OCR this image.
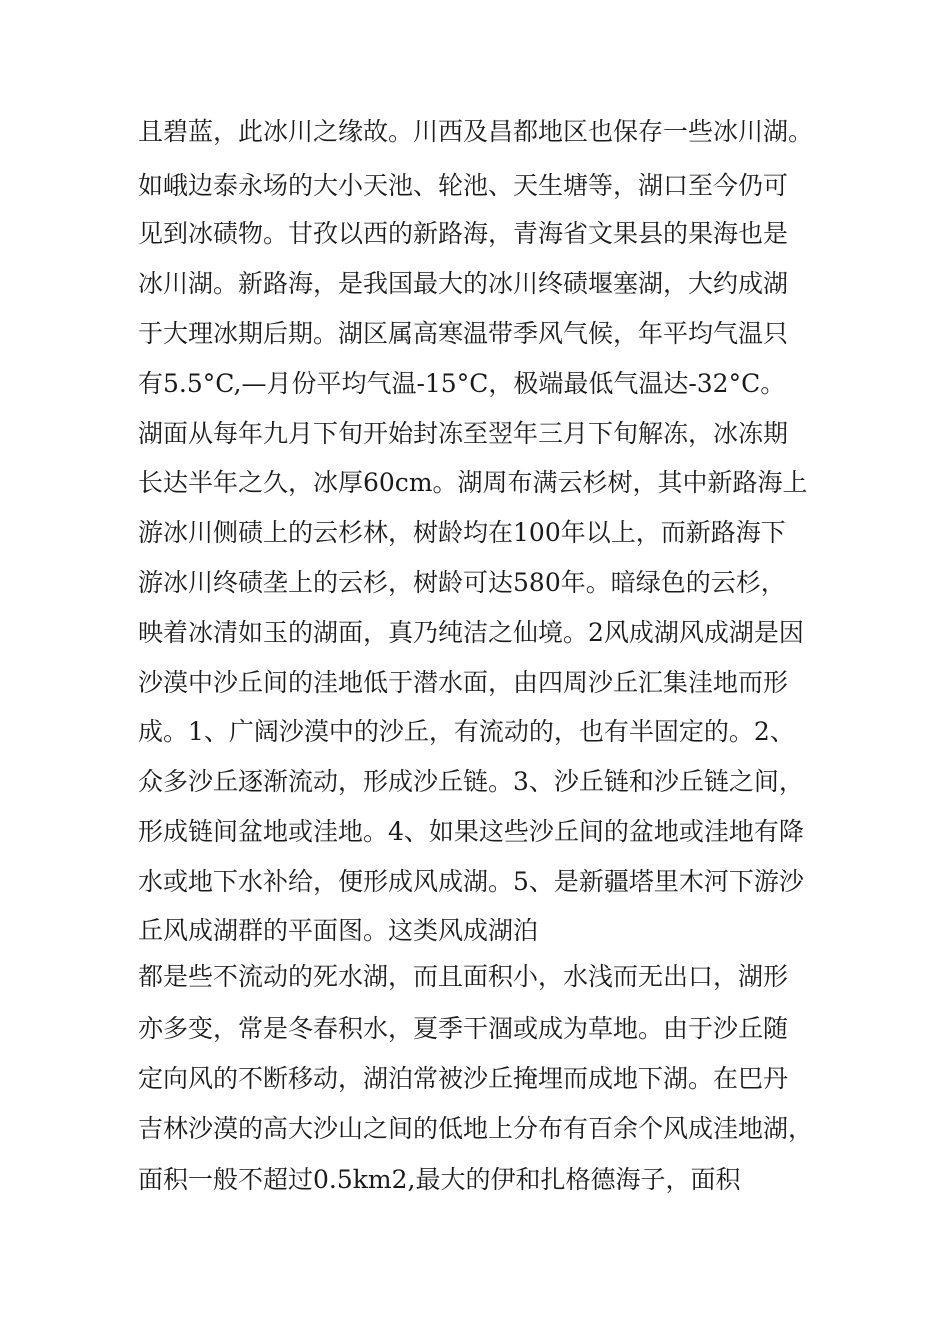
且碧蓝，此冰川之缘故。川西及昌都地区也保存一些冰川湖。
如峨边泰永场的大小天池、轮池、天生塘等，湖口至今仍可
见到冰碛物。甘孜以西的新路海，青海省文果县的果海也是
冰川湖。新路海，是我国最大的冰川终碛堰塞湖，大约成湖
于大理冰期后期。湖区属高寒温带季风气候，年平均气温只
有5.5°C,—月份平均气温-15°C，极端最低气温达-32°C。
湖面从每年九月下旬开始封冻至翌年三月下旬解冻，冰冻期
长达半年之久，冰厚60cm。湖周布满云杉树，其中新路海上
游冰川侧碛上的云杉林，树龄均在100年以上，而新路海下
游冰川终碛垄上的云杉，树龄可达580年。暗绿色的云杉，
映着冰清如玉的湖面，真乃纯洁之仙境。2风成湖风成湖是因
沙漠中沙丘间的洼地低于潜水面，由四周沙丘汇集洼地而形
成。1、广阔沙漠中的沙丘，有流动的，也有半固定的。2、
众多沙丘逐渐流动，形成沙丘链。3、沙丘链和沙丘链之间，
形成链间盆地或洼地。4、如果这些沙丘间的盆地或洼地有降
水或地下水补给，便形成风成湖。5、是新疆塔里木河下游沙
丘风成湖群的平面图。这类风成湖泊
都是些不流动的死水湖，而且面积小，水浅而无出口，湖形
亦多变，常是冬春积水，夏季干涸或成为草地。由于沙丘随
定向风的不断移动，湖泊常被沙丘掩埋而成地下湖。在巴丹
吉林沙漠的高大沙山之间的低地上分布有百余个风成洼地湖，
面积一般不超过0.5km2,最大的伊和扎格德海子，面积
